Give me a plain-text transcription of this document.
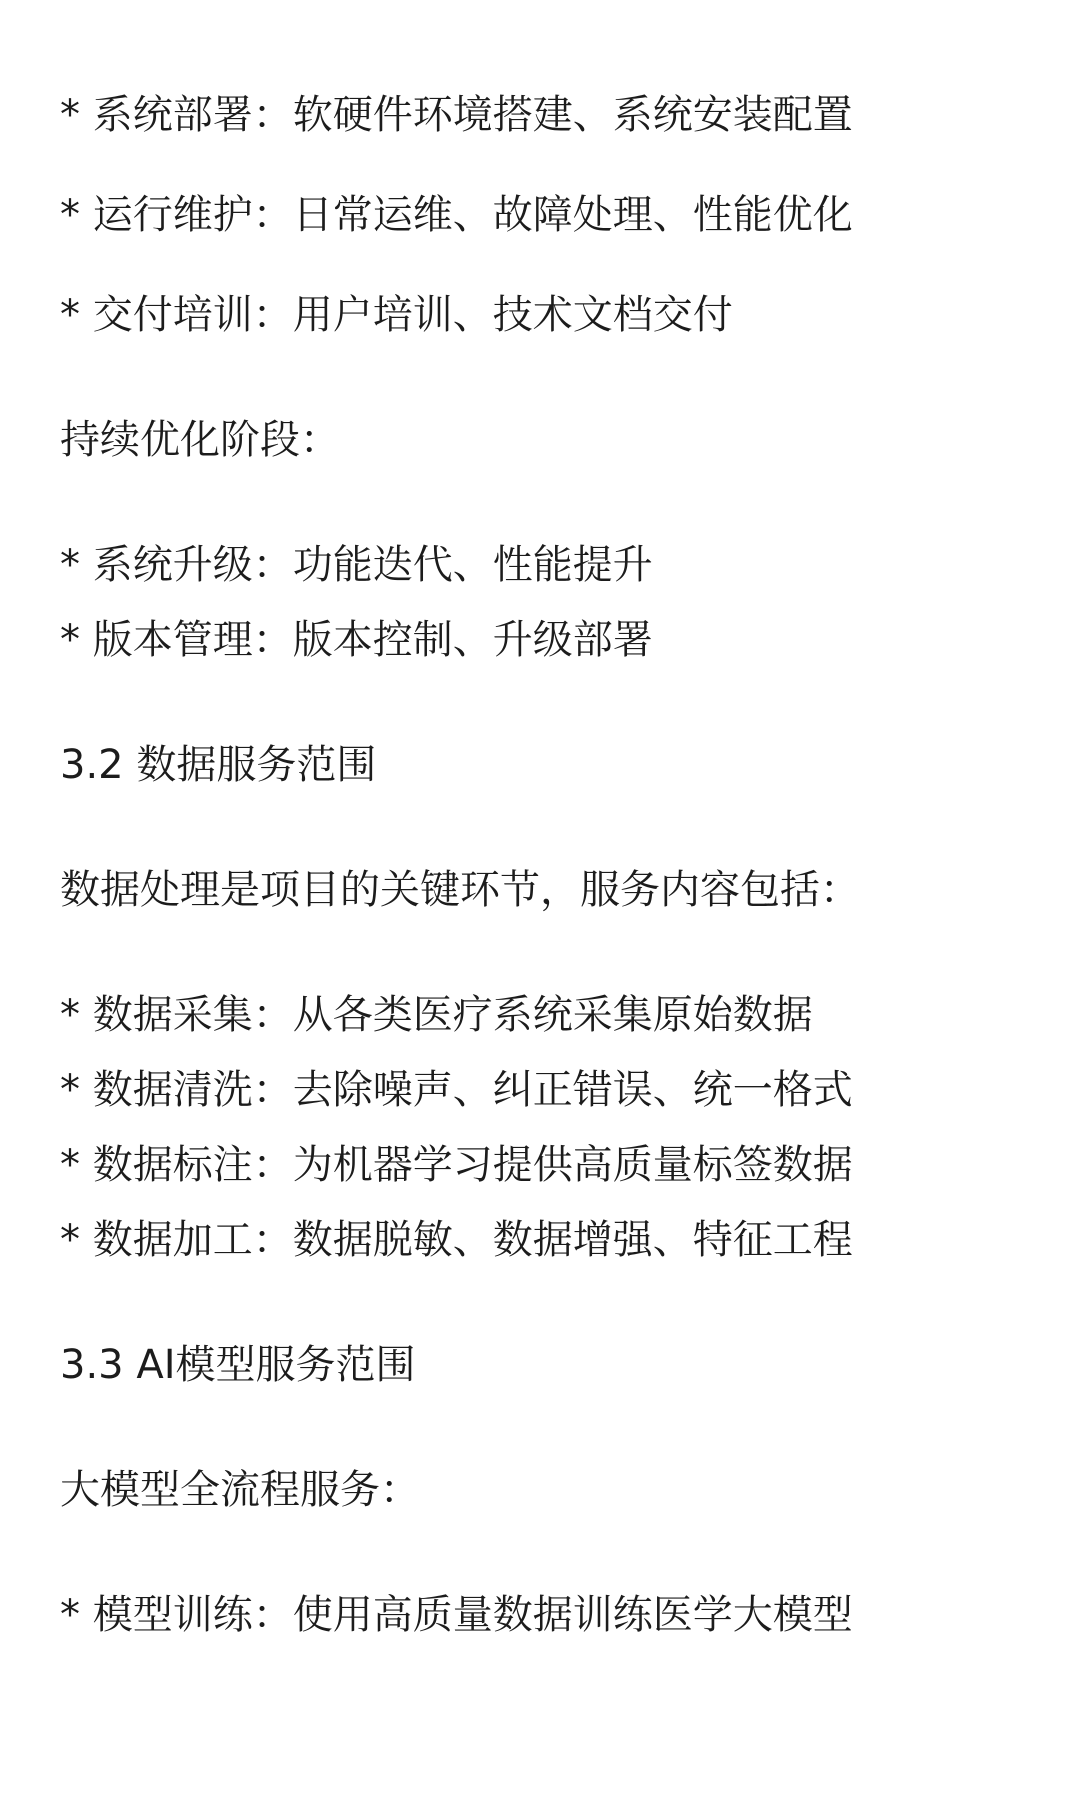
* 系统部署：软硬件环境搭建、系统安装配置
* 运行维护：日常运维、故障处理、性能优化
* 交付培训：用户培训、技术文档交付
持续优化阶段：
* 系统升级：功能迭代、性能提升
* 版本管理：版本控制、升级部署
3.2 数据服务范围
数据处理是项目的关键环节，服务内容包括：
* 数据采集：从各类医疗系统采集原始数据
* 数据清洗：去除噪声、纠正错误、统一格式
* 数据标注：为机器学习提供高质量标签数据
* 数据加工：数据脱敏、数据增强、特征工程
3.3 AI模型服务范围
大模型全流程服务：
* 模型训练：使用高质量数据训练医学大模型
